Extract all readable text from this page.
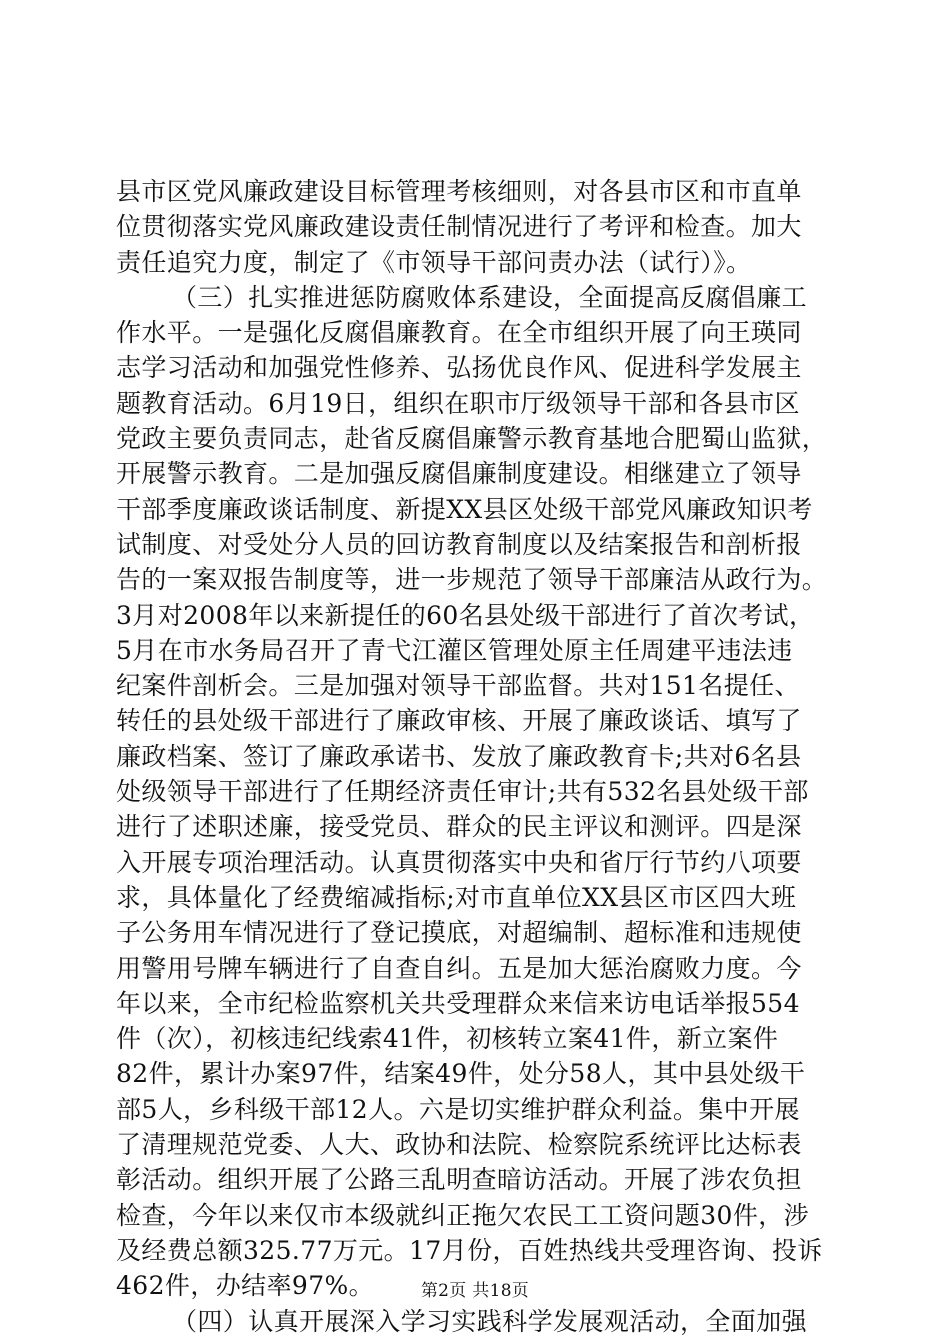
县市区党风廉政建设目标管理考核细则，对各县市区和市直单
位贯彻落实党风廉政建设责任制情况进行了考评和检查。加大
责任追究力度，制定了《市领导干部问责办法（试行）》。
（三）扎实推进惩防腐败体系建设，全面提高反腐倡廉工
作水平。一是强化反腐倡廉教育。在全市组织开展了向王瑛同
志学习活动和加强党性修养、弘扬优良作风、促进科学发展主
题教育活动。6月19日，组织在职市厅级领导干部和各县市区
党政主要负责同志，赴省反腐倡廉警示教育基地合肥蜀山监狱，
开展警示教育。二是加强反腐倡廉制度建设。相继建立了领导
干部季度廉政谈话制度、新提XX县区处级干部党风廉政知识考
试制度、对受处分人员的回访教育制度以及结案报告和剖析报
告的一案双报告制度等，进一步规范了领导干部廉洁从政行为。
3月对2008年以来新提任的60名县处级干部进行了首次考试，
5月在市水务局召开了青弋江灌区管理处原主任周建平违法违
纪案件剖析会。三是加强对领导干部监督。共对151名提任、
转任的县处级干部进行了廉政审核、开展了廉政谈话、填写了
廉政档案、签订了廉政承诺书、发放了廉政教育卡;共对6名县
处级领导干部进行了任期经济责任审计;共有532名县处级干部
进行了述职述廉，接受党员、群众的民主评议和测评。四是深
入开展专项治理活动。认真贯彻落实中央和省厅行节约八项要
求，具体量化了经费缩减指标;对市直单位XX县区市区四大班
子公务用车情况进行了登记摸底，对超编制、超标准和违规使
用警用号牌车辆进行了自查自纠。五是加大惩治腐败力度。今
年以来，全市纪检监察机关共受理群众来信来访电话举报554
件（次），初核违纪线索41件，初核转立案41件，新立案件
82件，累计办案97件，结案49件，处分58人，其中县处级干
部5人，乡科级干部12人。六是切实维护群众利益。集中开展
了清理规范党委、人大、政协和法院、检察院系统评比达标表
彰活动。组织开展了公路三乱明查暗访活动。开展了涉农负担
检查，今年以来仅市本级就纠正拖欠农民工工资问题30件，涉
及经费总额325.77万元。17月份，百姓热线共受理咨询、投诉
462件，办结率97%。
（四）认真开展深入学习实践科学发展观活动，全面加强
第2页 共18页
